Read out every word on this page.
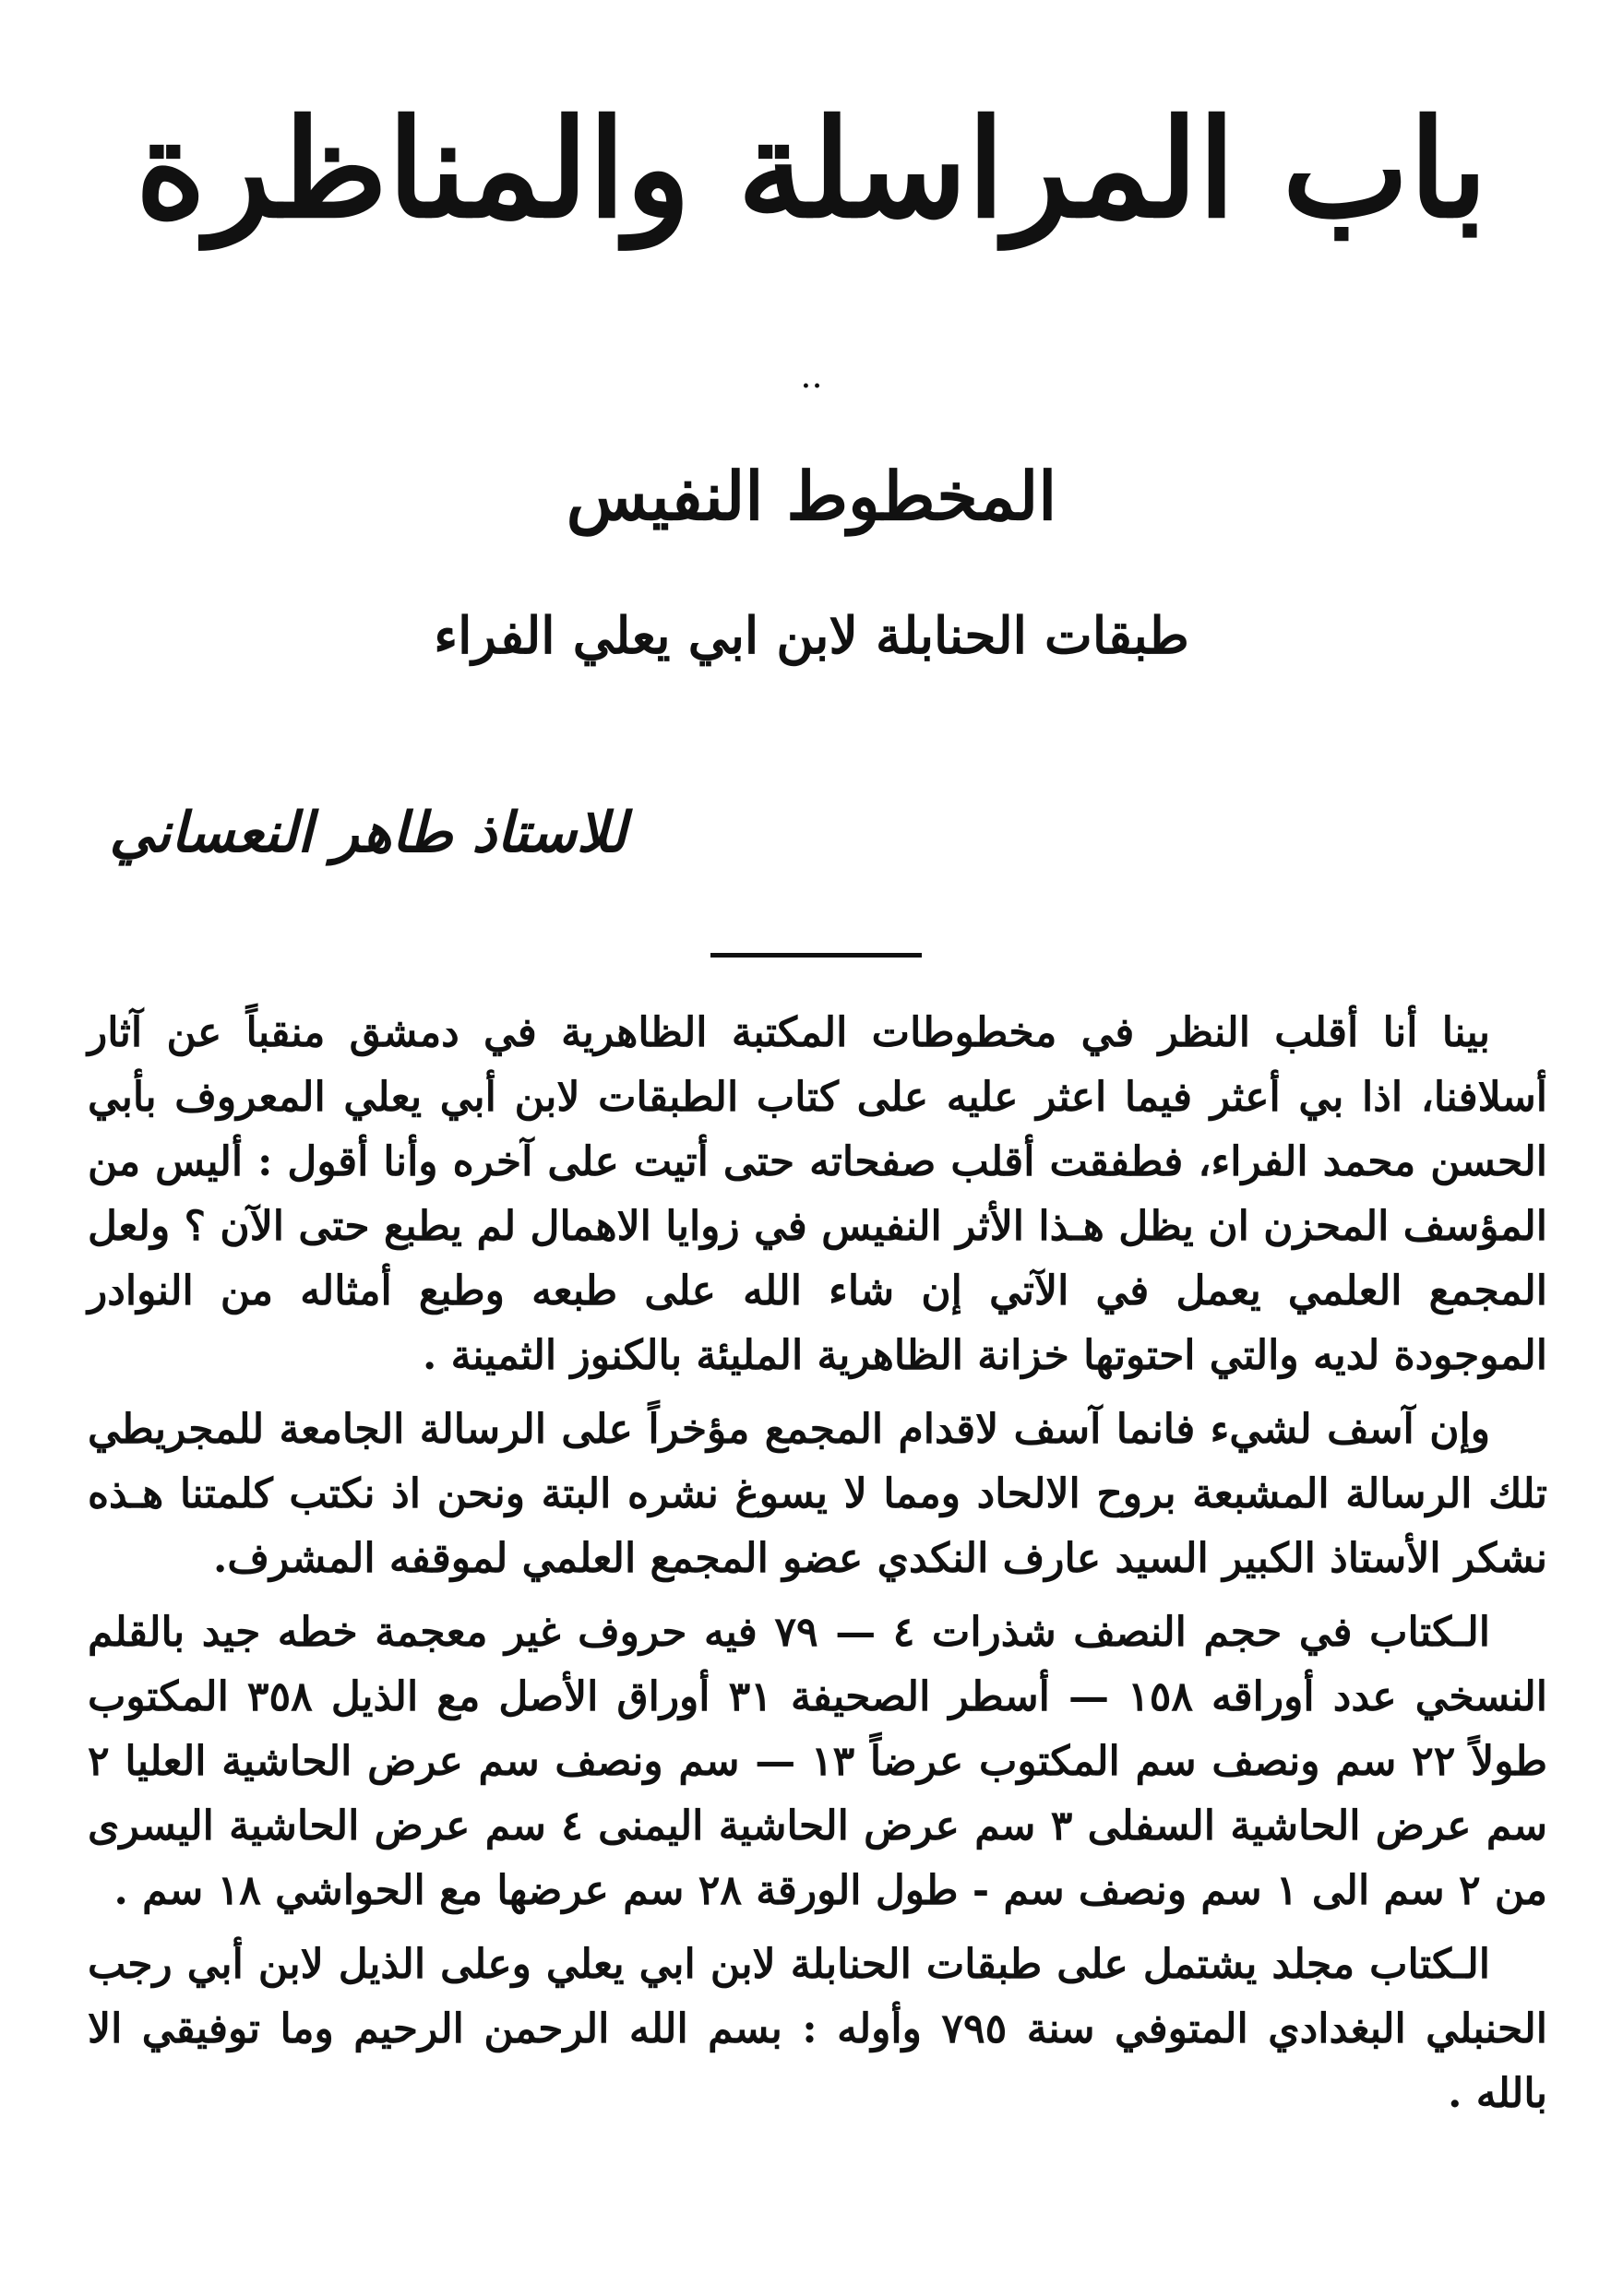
باب المراسلة والمناظرة
..
المخطوط النفيس
طبقات الحنابلة لابن ابي يعلي الفراء
للاستاذ طاهر النعساني

بينا أنا أقلب النظر في مخطوطات المكتبة الظاهرية في دمشق منقباً عن آثار أسلافنا، اذا بي أعثر فيما اعثر عليه على كتاب الطبقات لابن أبي يعلي المعروف بأبي الحسن محمد الفراء، فطفقت أقلب صفحاته حتى أتيت على آخره وأنا أقول : أليس من المؤسف المحزن ان يظل هـذا الأثر النفيس في زوايا الاهمال لم يطبع حتى الآن ؟ ولعل المجمع العلمي يعمل في الآتي إن شاء الله على طبعه وطبع أمثاله من النوادر الموجودة لديه والتي احتوتها خزانة الظاهرية المليئة بالكنوز الثمينة .

وإن آسف لشيء فانما آسف لاقدام المجمع مؤخراً على الرسالة الجامعة للمجريطي تلك الرسالة المشبعة بروح الالحاد ومما لا يسوغ نشره البتة ونحن اذ نكتب كلمتنا هـذه نشكر الأستاذ الكبير السيد عارف النكدي عضو المجمع العلمي لموقفه المشرف.

الـكتاب في حجم النصف شذرات ٤ — ٧٩ فيه حروف غير معجمة خطه جيد بالقلم النسخي عدد أوراقه ١٥٨ — أسطر الصحيفة ٣١ أوراق الأصل مع الذيل ٣٥٨ المكتوب طولاً ٢٢ سم ونصف سم المكتوب عرضاً ١٣ — سم ونصف سم عرض الحاشية العليا ٢ سم عرض الحاشية السفلى ٣ سم عرض الحاشية اليمنى ٤ سم عرض الحاشية اليسرى من ٢ سم الى ١ سم ونصف سم - طول الورقة ٢٨ سم عرضها مع الحواشي ١٨ سم .

الـكتاب مجلد يشتمل على طبقات الحنابلة لابن ابي يعلي وعلى الذيل لابن أبي رجب الحنبلي البغدادي المتوفي سنة ٧٩٥ وأوله : بسم الله الرحمن الرحيم وما توفيقي الا بالله .
